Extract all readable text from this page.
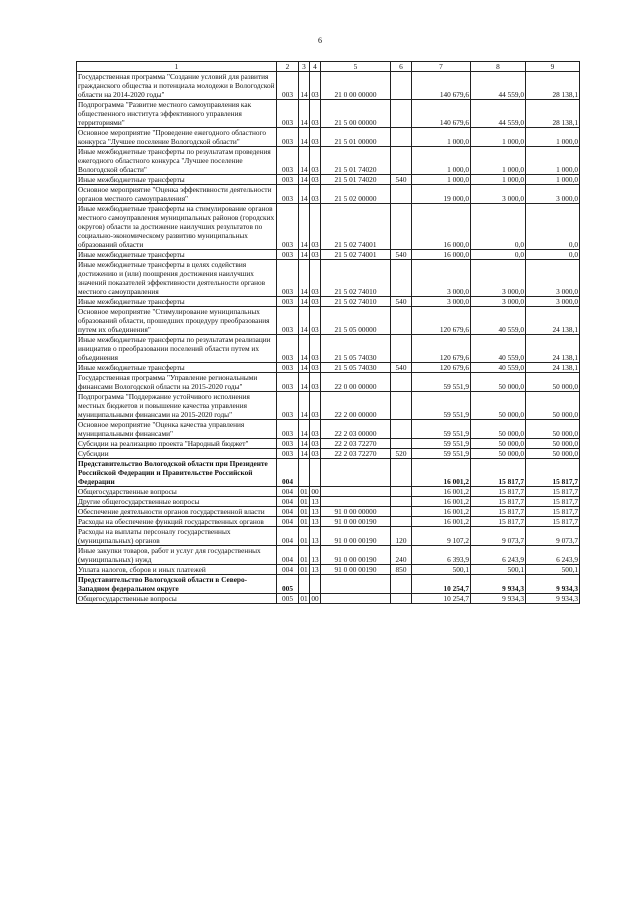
6
1	2	3	4	5	6	7	8	9
Государственная программа "Создание условий для развития гражданского общества и потенциала молодежи в Вологодской области на 2014-2020 годы"	003	14	03	21 0 00 00000		140 679,6	44 559,0	28 138,1
Подпрограмма "Развитие местного самоуправления как общественного института эффективного управления территориями"	003	14	03	21 5 00 00000		140 679,6	44 559,0	28 138,1
Основное мероприятие "Проведение ежегодного областного конкурса "Лучшее поселение Вологодской области"	003	14	03	21 5 01 00000		1 000,0	1 000,0	1 000,0
Иные межбюджетные трансферты по результатам проведения ежегодного областного конкурса "Лучшее поселение Вологодской области"	003	14	03	21 5 01 74020		1 000,0	1 000,0	1 000,0
Иные межбюджетные трансферты	003	14	03	21 5 01 74020	540	1 000,0	1 000,0	1 000,0
Основное мероприятие "Оценка эффективности деятельности органов местного самоуправления"	003	14	03	21 5 02 00000		19 000,0	3 000,0	3 000,0
Иные межбюджетные трансферты на стимулирование органов местного самоуправления муниципальных районов (городских округов) области за достижение наилучших результатов по социально-экономическому развитию муниципальных образований области	003	14	03	21 5 02 74001		16 000,0	0,0	0,0
Иные межбюджетные трансферты	003	14	03	21 5 02 74001	540	16 000,0	0,0	0,0
Иные межбюджетные трансферты в целях содействия достижению и (или) поощрения достижения наилучших значений показателей эффективности деятельности органов местного самоуправления	003	14	03	21 5 02 74010		3 000,0	3 000,0	3 000,0
Иные межбюджетные трансферты	003	14	03	21 5 02 74010	540	3 000,0	3 000,0	3 000,0
Основное мероприятие "Стимулирование муниципальных образований области, прошедших процедуру преобразования путем их объединения"	003	14	03	21 5 05 00000		120 679,6	40 559,0	24 138,1
Иные межбюджетные трансферты по результатам реализации инициатив о преобразовании поселений области путем их объединения	003	14	03	21 5 05 74030		120 679,6	40 559,0	24 138,1
Иные межбюджетные трансферты	003	14	03	21 5 05 74030	540	120 679,6	40 559,0	24 138,1
Государственная программа "Управление региональными финансами Вологодской области на 2015-2020 годы"	003	14	03	22 0 00 00000		59 551,9	50 000,0	50 000,0
Подпрограмма "Поддержание устойчивого исполнения местных бюджетов и повышение качества управления муниципальными финансами на 2015-2020 годы"	003	14	03	22 2 00 00000		59 551,9	50 000,0	50 000,0
Основное мероприятие "Оценка качества управления муниципальными финансами"	003	14	03	22 2 03 00000		59 551,9	50 000,0	50 000,0
Субсидии на реализацию проекта "Народный бюджет"	003	14	03	22 2 03 72270		59 551,9	50 000,0	50 000,0
Субсидии	003	14	03	22 2 03 72270	520	59 551,9	50 000,0	50 000,0
Представительство Вологодской области при Президенте Российской Федерации и Правительстве Российской Федерации	004					16 001,2	15 817,7	15 817,7
Общегосударственные вопросы	004	01	00			16 001,2	15 817,7	15 817,7
Другие общегосударственные вопросы	004	01	13			16 001,2	15 817,7	15 817,7
Обеспечение деятельности органов государственной власти	004	01	13	91 0 00 00000		16 001,2	15 817,7	15 817,7
Расходы на обеспечение функций государственных органов	004	01	13	91 0 00 00190		16 001,2	15 817,7	15 817,7
Расходы на выплаты персоналу государственных (муниципальных) органов	004	01	13	91 0 00 00190	120	9 107,2	9 073,7	9 073,7
Иные закупки товаров, работ и услуг для государственных (муниципальных) нужд	004	01	13	91 0 00 00190	240	6 393,9	6 243,9	6 243,9
Уплата налогов, сборов и иных платежей	004	01	13	91 0 00 00190	850	500,1	500,1	500,1
Представительство Вологодской области в Северо-Западном федеральном округе	005					10 254,7	9 934,3	9 934,3
Общегосударственные вопросы	005	01	00			10 254,7	9 934,3	9 934,3
